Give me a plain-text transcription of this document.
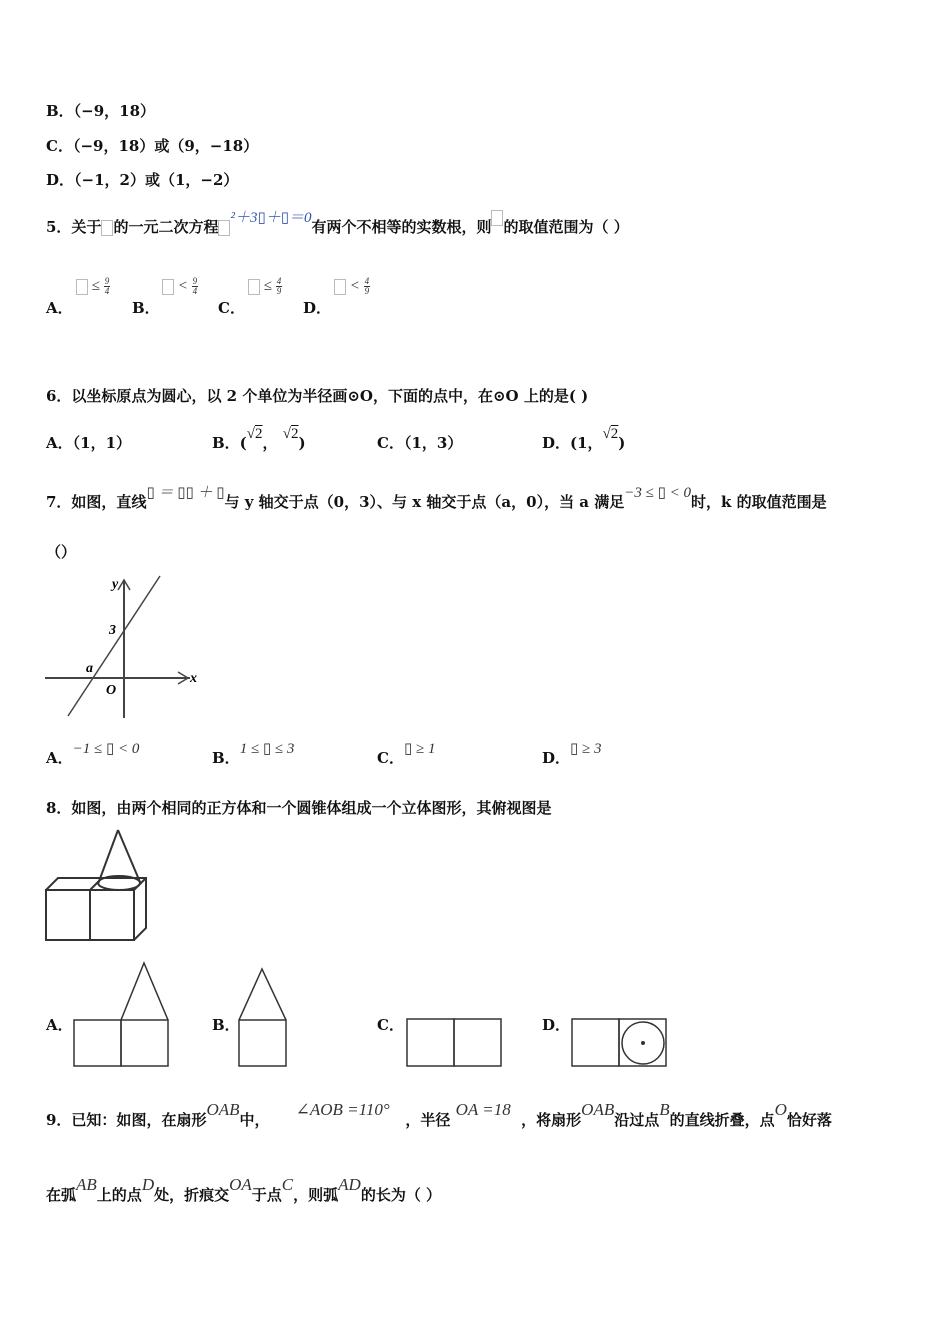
B．（−9，18）
C．（−9，18）或（9，−18）
D．（−1，2）或（1，−2）
5．关于 的一元二次方程 ²＋3▯＋▯＝0有两个不相等的实数根，则 的取值范围为（ ）
A．
≤ $\frac{9}{4}$
B．
< $\frac{9}{4}$
C．
≤ $\frac{4}{9}$
D．
< $\frac{4}{9}$
6．以坐标原点为圆心，以 2 个单位为半径画⊙O，下面的点中，在⊙O 上的是( )
A．（1，1）	B．(√2， √2)	C．（1，3）	D．(1，√2)
7．如图，直线▯ ＝ ▯▯ ＋ ▯与 y 轴交于点（0，3）、与 x 轴交于点（a，0），当 a 满足−3 ≤ ▯ < 0时，k 的取值范围是
（）
y
x
3
a
O
A．−1 ≤ ▯ < 0	B．1 ≤ ▯ ≤ 3	C．▯ ≥ 1	D．▯ ≥ 3
8．如图，由两个相同的正方体和一个圆锥体组成一个立体图形，其俯视图是
A．	B．	C．	D．
9．已知：如图，在扇形OAB中，     ∠AOB =110°   ，半径 OA =18  ，将扇形OAB沿过点B的直线折叠，点O恰好落
在弧AB上的点D处，折痕交OA于点C，则弧AD的长为（ ）
